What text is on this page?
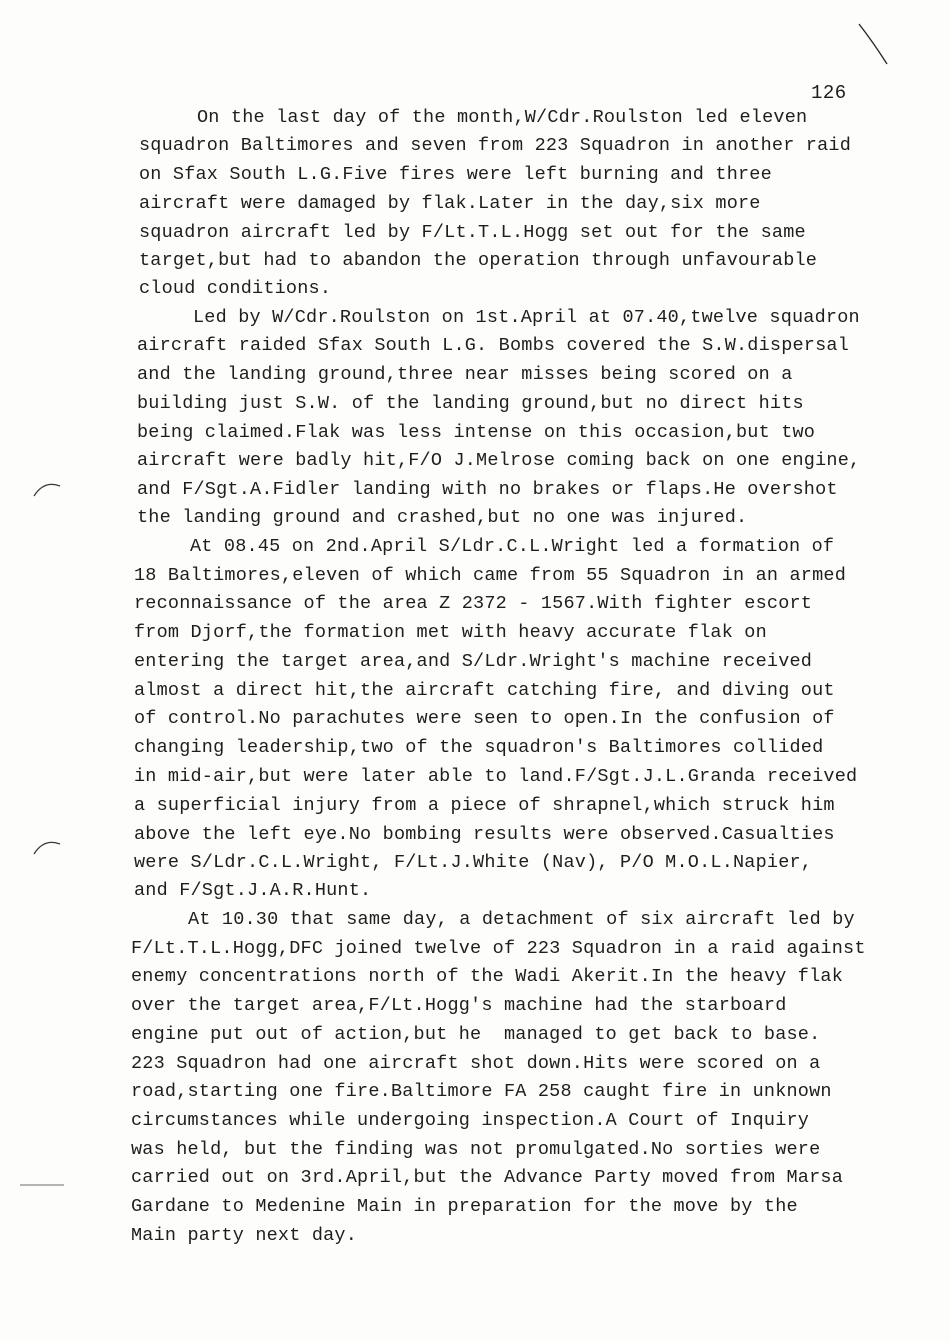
126
On the last day of the month,W/Cdr.Roulston led eleven
squadron Baltimores and seven from 223 Squadron in another raid
on Sfax South L.G.Five fires were left burning and three
aircraft were damaged by flak.Later in the day,six more
squadron aircraft led by F/Lt.T.L.Hogg set out for the same
target,but had to abandon the operation through unfavourable
cloud conditions.
Led by W/Cdr.Roulston on 1st.April at 07.40,twelve squadron
aircraft raided Sfax South L.G. Bombs covered the S.W.dispersal
and the landing ground,three near misses being scored on a
building just S.W. of the landing ground,but no direct hits
being claimed.Flak was less intense on this occasion,but two
aircraft were badly hit,F/O J.Melrose coming back on one engine,
and F/Sgt.A.Fidler landing with no brakes or flaps.He overshot
the landing ground and crashed,but no one was injured.
At 08.45 on 2nd.April S/Ldr.C.L.Wright led a formation of
18 Baltimores,eleven of which came from 55 Squadron in an armed
reconnaissance of the area Z 2372 - 1567.With fighter escort
from Djorf,the formation met with heavy accurate flak on
entering the target area,and S/Ldr.Wright's machine received
almost a direct hit,the aircraft catching fire, and diving out
of control.No parachutes were seen to open.In the confusion of
changing leadership,two of the squadron's Baltimores collided
in mid-air,but were later able to land.F/Sgt.J.L.Granda received
a superficial injury from a piece of shrapnel,which struck him
above the left eye.No bombing results were observed.Casualties
were S/Ldr.C.L.Wright, F/Lt.J.White (Nav), P/O M.O.L.Napier,
and F/Sgt.J.A.R.Hunt.
At 10.30 that same day, a detachment of six aircraft led by
F/Lt.T.L.Hogg,DFC joined twelve of 223 Squadron in a raid against
enemy concentrations north of the Wadi Akerit.In the heavy flak
over the target area,F/Lt.Hogg's machine had the starboard
engine put out of action,but he  managed to get back to base.
223 Squadron had one aircraft shot down.Hits were scored on a
road,starting one fire.Baltimore FA 258 caught fire in unknown
circumstances while undergoing inspection.A Court of Inquiry
was held, but the finding was not promulgated.No sorties were
carried out on 3rd.April,but the Advance Party moved from Marsa
Gardane to Medenine Main in preparation for the move by the
Main party next day.
